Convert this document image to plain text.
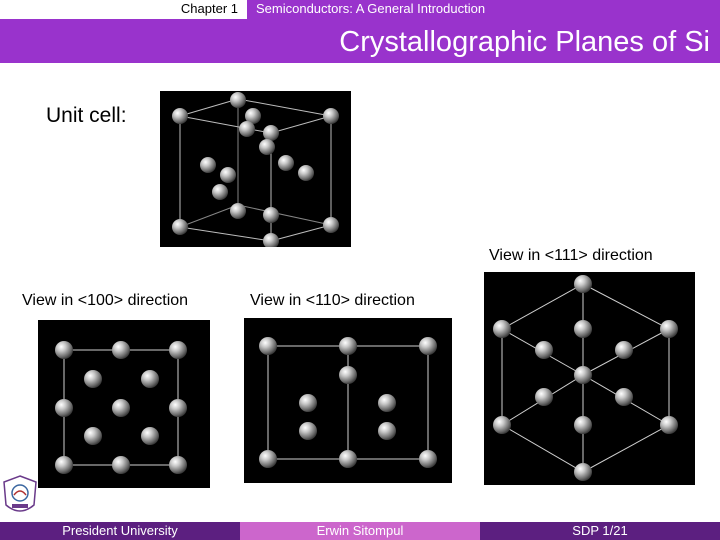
Chapter 1	Semiconductors: A General Introduction
Crystallographic Planes of Si
Unit cell:
View in <111> direction
View in <100> direction	View in <110> direction
President University	Erwin Sitompul	SDP 1/21
